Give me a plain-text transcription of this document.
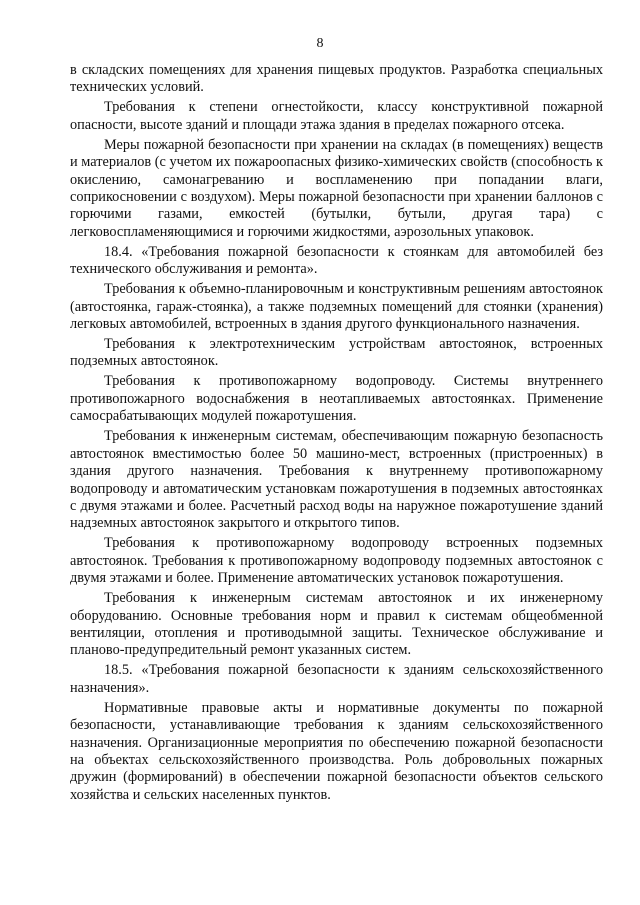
8

в складских помещениях для хранения пищевых продуктов. Разработка специальных технических условий.

Требования к степени огнестойкости, классу конструктивной пожарной опасности, высоте зданий и площади этажа здания в пределах пожарного отсека.

Меры пожарной безопасности при хранении на складах (в помещениях) веществ и материалов (с учетом их пожароопасных физико-химических свойств (способность к окислению, самонагреванию и воспламенению при попадании влаги, соприкосновении с воздухом). Меры пожарной безопасности при хранении баллонов с горючими газами, емкостей (бутылки, бутыли, другая тара) с легковоспламеняющимися и горючими жидкостями, аэрозольных упаковок.

18.4. «Требования пожарной безопасности к стоянкам для автомобилей без технического обслуживания и ремонта».

Требования к объемно-планировочным и конструктивным решениям автостоянок (автостоянка, гараж-стоянка), а также подземных помещений для стоянки (хранения) легковых автомобилей, встроенных в здания другого функционального назначения.

Требования к электротехническим устройствам автостоянок, встроенных подземных автостоянок.

Требования к противопожарному водопроводу. Системы внутреннего противопожарного водоснабжения в неотапливаемых автостоянках. Применение самосрабатывающих модулей пожаротушения.

Требования к инженерным системам, обеспечивающим пожарную безопасность автостоянок вместимостью более 50 машино-мест, встроенных (пристроенных) в здания другого назначения. Требования к внутреннему противопожарному водопроводу и автоматическим установкам пожаротушения в подземных автостоянках с двумя этажами и более. Расчетный расход воды на наружное пожаротушение зданий надземных автостоянок закрытого и открытого типов.

Требования к противопожарному водопроводу встроенных подземных автостоянок. Требования к противопожарному водопроводу подземных автостоянок с двумя этажами и более. Применение автоматических установок пожаротушения.

Требования к инженерным системам автостоянок и их инженерному оборудованию. Основные требования норм и правил к системам общеобменной вентиляции, отопления и противодымной защиты. Техническое обслуживание и планово-предупредительный ремонт указанных систем.

18.5. «Требования пожарной безопасности к зданиям сельскохозяйственного назначения».

Нормативные правовые акты и нормативные документы по пожарной безопасности, устанавливающие требования к зданиям сельскохозяйственного назначения. Организационные мероприятия по обеспечению пожарной безопасности на объектах сельскохозяйственного производства. Роль добровольных пожарных дружин (формирований) в обеспечении пожарной безопасности объектов сельского хозяйства и сельских населенных пунктов.
